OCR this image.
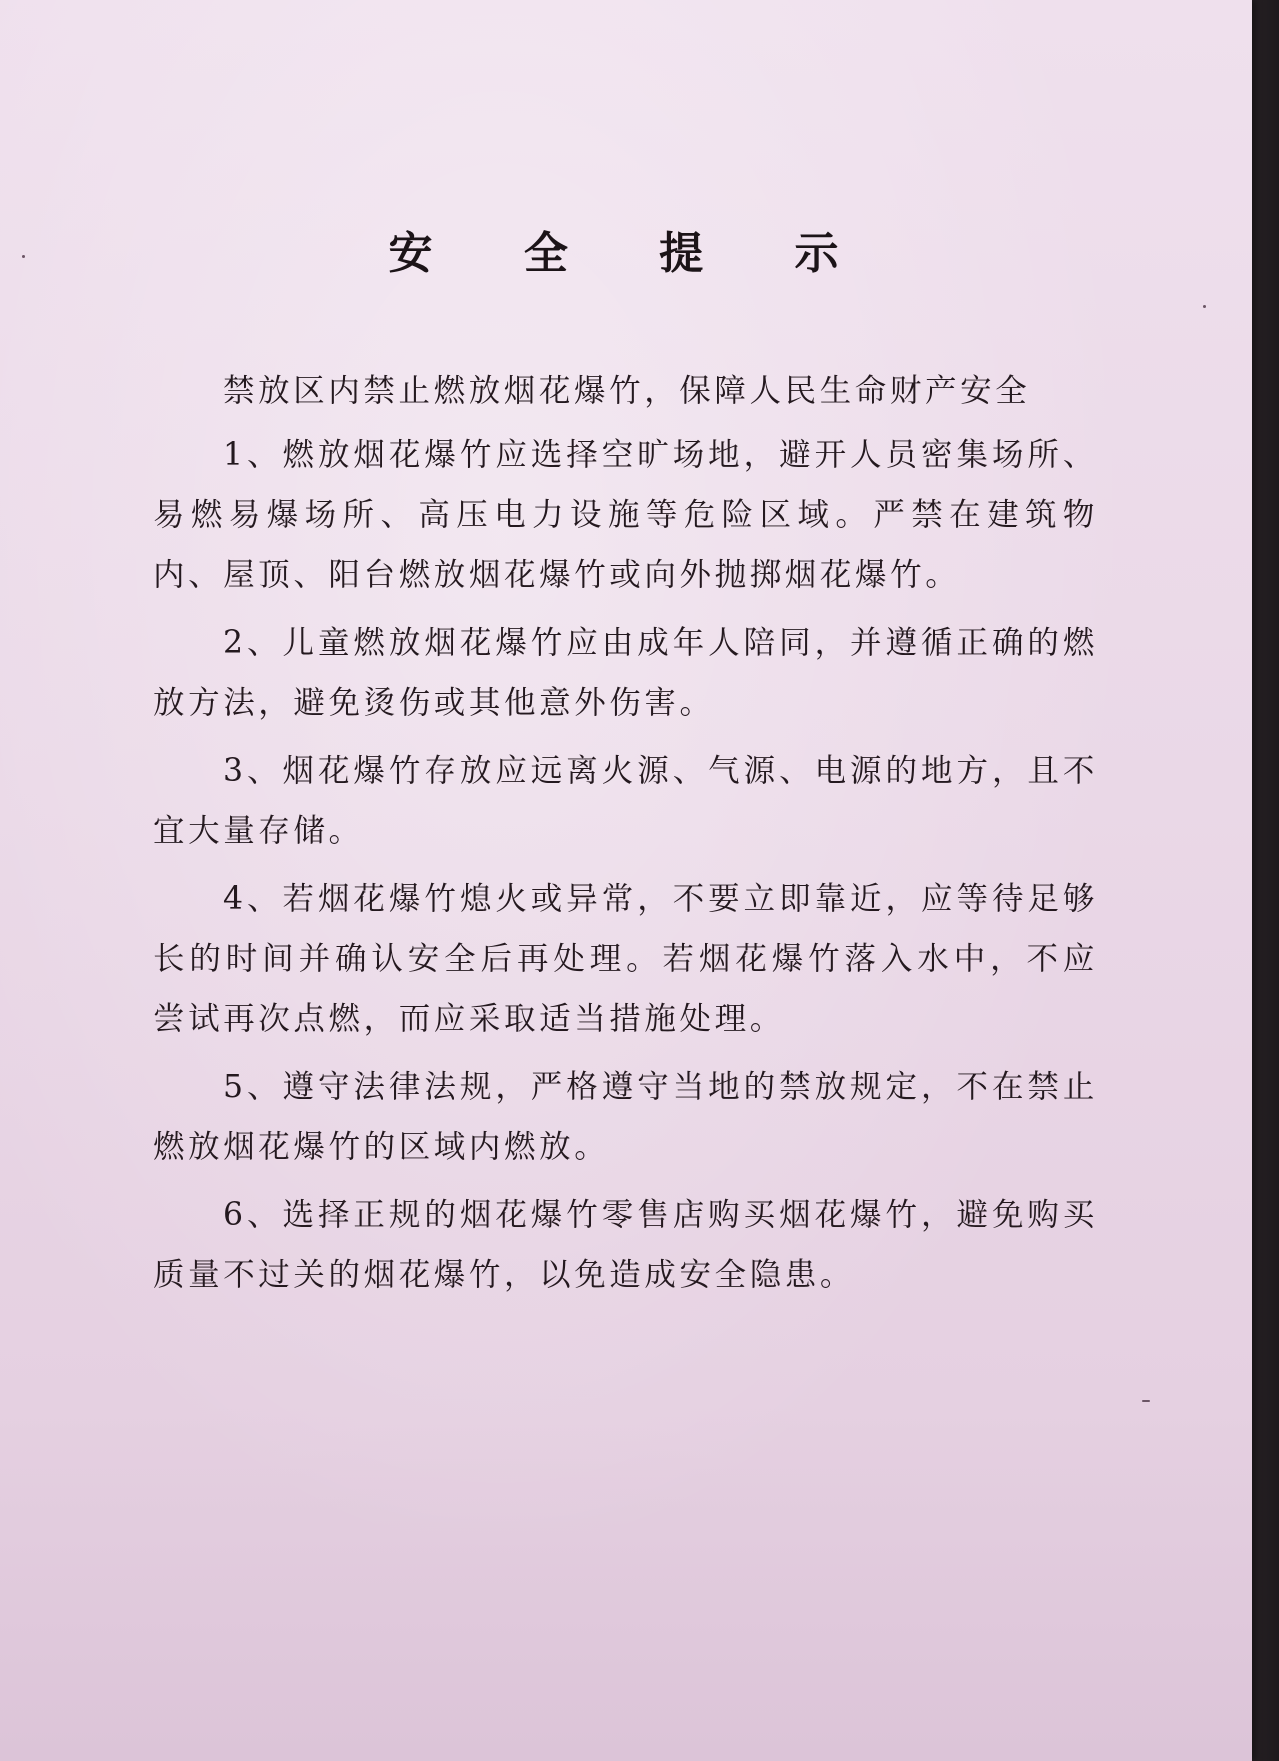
安 全 提 示

禁放区内禁止燃放烟花爆竹，保障人民生命财产安全

1、燃放烟花爆竹应选择空旷场地，避开人员密集场所、易燃易爆场所、高压电力设施等危险区域。严禁在建筑物内、屋顶、阳台燃放烟花爆竹或向外抛掷烟花爆竹。

2、儿童燃放烟花爆竹应由成年人陪同，并遵循正确的燃放方法，避免烫伤或其他意外伤害。

3、烟花爆竹存放应远离火源、气源、电源的地方，且不宜大量存储。

4、若烟花爆竹熄火或异常，不要立即靠近，应等待足够长的时间并确认安全后再处理。若烟花爆竹落入水中，不应尝试再次点燃，而应采取适当措施处理。

5、遵守法律法规，严格遵守当地的禁放规定，不在禁止燃放烟花爆竹的区域内燃放。

6、选择正规的烟花爆竹零售店购买烟花爆竹，避免购买质量不过关的烟花爆竹，以免造成安全隐患。
